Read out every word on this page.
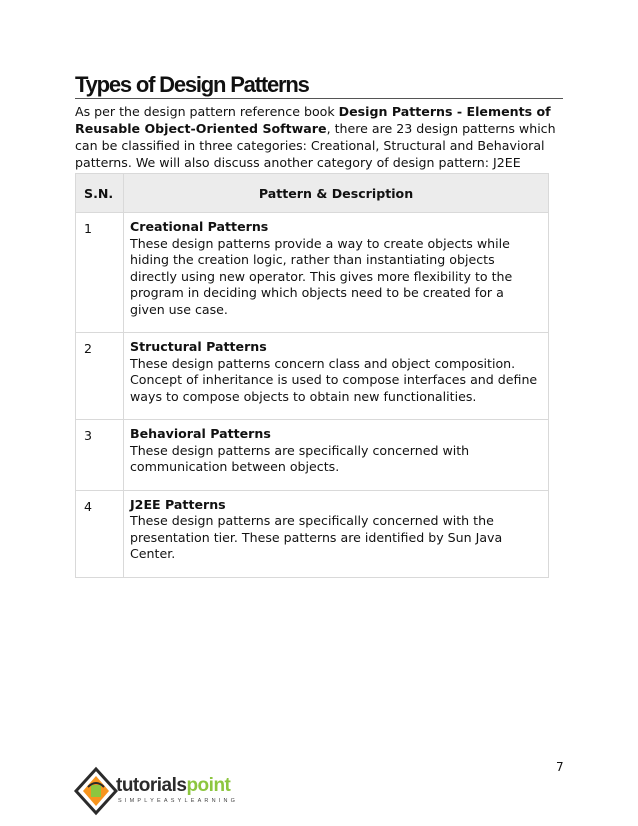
Types of Design Patterns

As per the design pattern reference book Design Patterns - Elements of Reusable Object-Oriented Software, there are 23 design patterns which can be classified in three categories: Creational, Structural and Behavioral patterns. We will also discuss another category of design pattern: J2EE

S.N.	Pattern & Description
1	Creational Patterns
These design patterns provide a way to create objects while hiding the creation logic, rather than instantiating objects directly using new operator. This gives more flexibility to the program in deciding which objects need to be created for a given use case.
2	Structural Patterns
These design patterns concern class and object composition. Concept of inheritance is used to compose interfaces and define ways to compose objects to obtain new functionalities.
3	Behavioral Patterns
These design patterns are specifically concerned with communication between objects.
4	J2EE Patterns
These design patterns are specifically concerned with the presentation tier. These patterns are identified by Sun Java Center.
7
tutorialspoint
SIMPLYEASYLEARNING
